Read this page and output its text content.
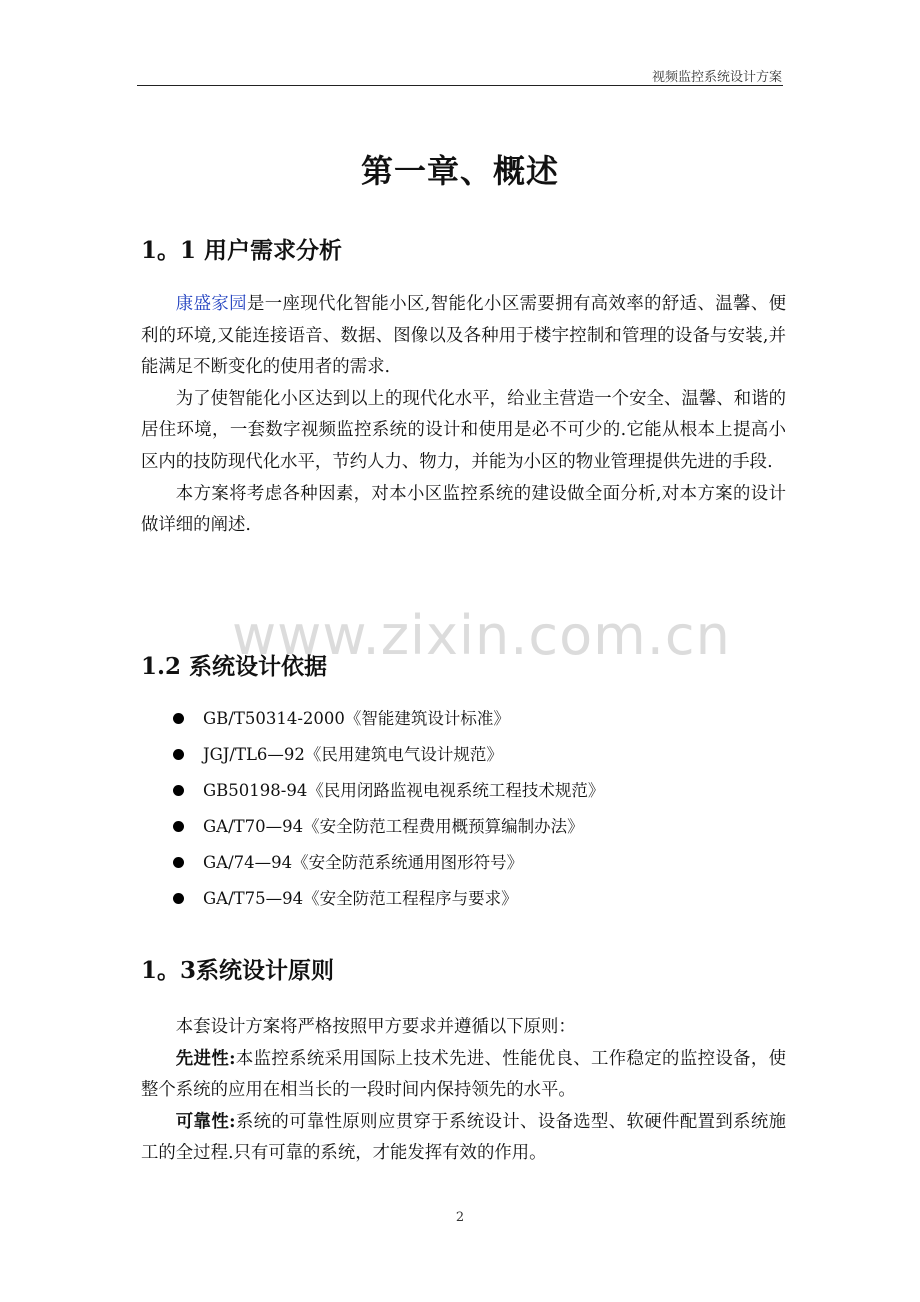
视频监控系统设计方案
第一章、概述
1。1 用户需求分析

康盛家园是一座现代化智能小区,智能化小区需要拥有高效率的舒适、温馨、便利的环境,又能连接语音、数据、图像以及各种用于楼宇控制和管理的设备与安装,并能满足不断变化的使用者的需求.

为了使智能化小区达到以上的现代化水平，给业主营造一个安全、温馨、和谐的居住环境，一套数字视频监控系统的设计和使用是必不可少的.它能从根本上提高小区内的技防现代化水平，节约人力、物力，并能为小区的物业管理提供先进的手段.

本方案将考虑各种因素，对本小区监控系统的建设做全面分析,对本方案的设计做详细的阐述.

www.zixin.com.cn
1.2 系统设计依据
GB/T50314-2000《智能建筑设计标准》
JGJ/TL6—92《民用建筑电气设计规范》
GB50198-94《民用闭路监视电视系统工程技术规范》
GA/T70—94《安全防范工程费用概预算编制办法》
GA/74—94《安全防范系统通用图形符号》
GA/T75—94《安全防范工程程序与要求》
1。3系统设计原则

本套设计方案将严格按照甲方要求并遵循以下原则：

先进性:本监控系统采用国际上技术先进、性能优良、工作稳定的监控设备，使整个系统的应用在相当长的一段时间内保持领先的水平。

可靠性:系统的可靠性原则应贯穿于系统设计、设备选型、软硬件配置到系统施工的全过程.只有可靠的系统，才能发挥有效的作用。

2
